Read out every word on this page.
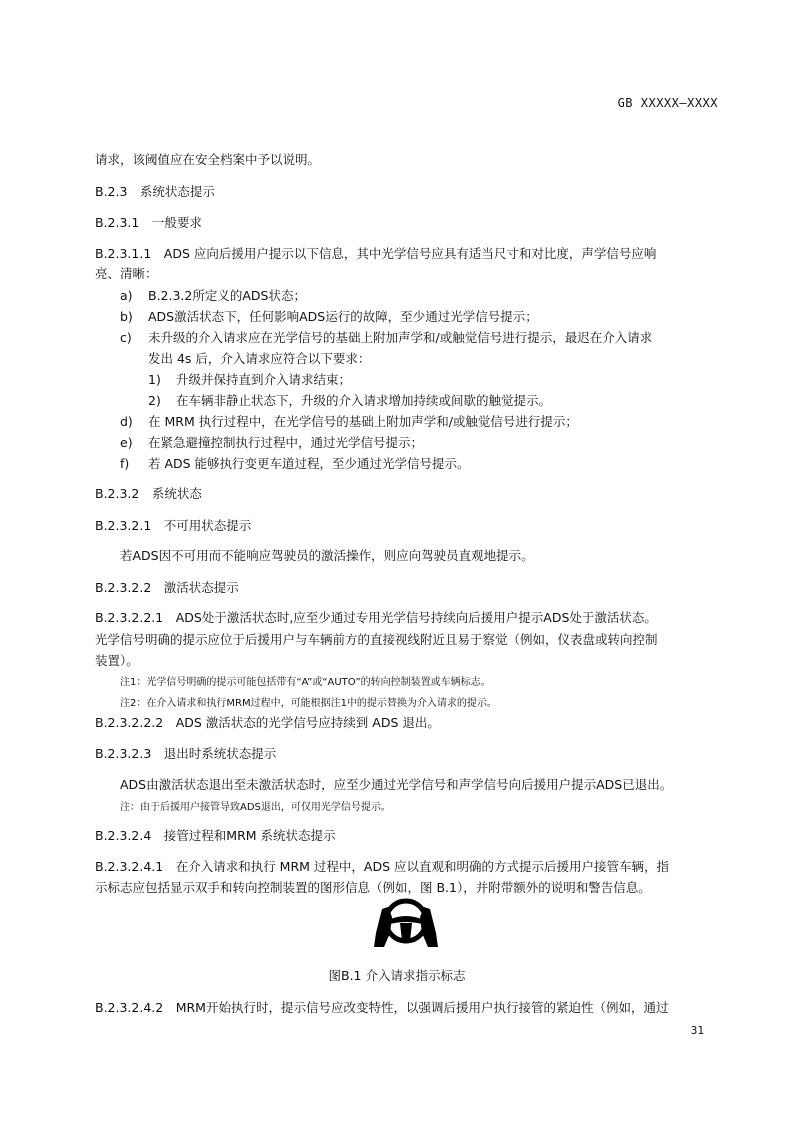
GB XXXXX—XXXX
请求，该阈值应在安全档案中予以说明。
B.2.3 系统状态提示
B.2.3.1 一般要求
B.2.3.1.1 ADS 应向后援用户提示以下信息，其中光学信号应具有适当尺寸和对比度，声学信号应响
亮、清晰：
a)	B.2.3.2所定义的ADS状态；
b)	ADS激活状态下，任何影响ADS运行的故障，至少通过光学信号提示；
c)	未升级的介入请求应在光学信号的基础上附加声学和/或触觉信号进行提示，最迟在介入请求
发出 4s 后，介入请求应符合以下要求：
1)	升级并保持直到介入请求结束；
2)	在车辆非静止状态下，升级的介入请求增加持续或间歇的触觉提示。
d)	在 MRM 执行过程中，在光学信号的基础上附加声学和/或触觉信号进行提示；
e)	在紧急避撞控制执行过程中，通过光学信号提示；
f)	若 ADS 能够执行变更车道过程，至少通过光学信号提示。
B.2.3.2 系统状态
B.2.3.2.1 不可用状态提示
若ADS因不可用而不能响应驾驶员的激活操作，则应向驾驶员直观地提示。
B.2.3.2.2 激活状态提示
B.2.3.2.2.1 ADS处于激活状态时,应至少通过专用光学信号持续向后援用户提示ADS处于激活状态。
光学信号明确的提示应位于后援用户与车辆前方的直接视线附近且易于察觉（例如，仪表盘或转向控制
装置）。
注1：光学信号明确的提示可能包括带有“A”或“AUTO”的转向控制装置或车辆标志。
注2：在介入请求和执行MRM过程中，可能根据注1中的提示替换为介入请求的提示。
B.2.3.2.2.2 ADS 激活状态的光学信号应持续到 ADS 退出。
B.2.3.2.3 退出时系统状态提示
ADS由激活状态退出至未激活状态时，应至少通过光学信号和声学信号向后援用户提示ADS已退出。
注：由于后援用户接管导致ADS退出，可仅用光学信号提示。
B.2.3.2.4 接管过程和MRM 系统状态提示
B.2.3.2.4.1 在介入请求和执行 MRM 过程中，ADS 应以直观和明确的方式提示后援用户接管车辆，指
示标志应包括显示双手和转向控制装置的图形信息（例如，图 B.1），并附带额外的说明和警告信息。
图B.1 介入请求指示标志
B.2.3.2.4.2 MRM开始执行时，提示信号应改变特性，以强调后援用户执行接管的紧迫性（例如，通过
31
